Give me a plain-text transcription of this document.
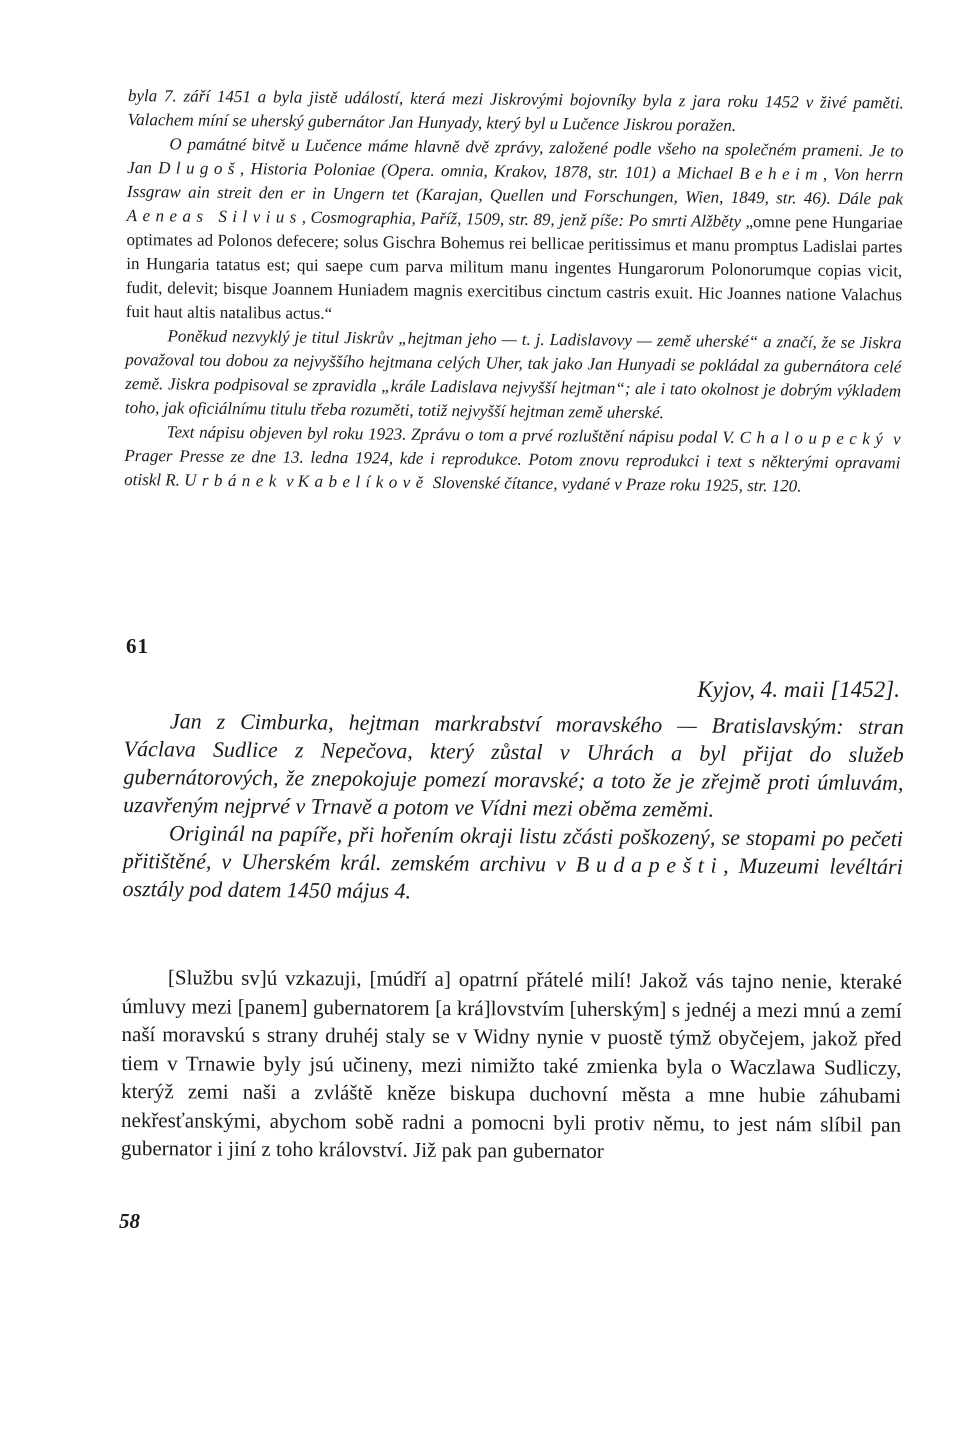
byla 7. září 1451 a byla jistě událostí, která mezi Jiskrovými bojovníky byla z jara roku 1452 v živé paměti. Valachem míní se uherský gubernátor Jan Hunyady, který byl u Lučence Jiskrou poražen.

O památné bitvě u Lučence máme hlavně dvě zprávy, založené podle všeho na společném prameni. Je to Jan Dlugoš, Historia Poloniae (Opera. omnia, Krakov, 1878, str. 101) a Michael Beheim, Von herrn Issgraw ain streit den er in Ungern tet (Karajan, Quellen und Forschungen, Wien, 1849, str. 46). Dále pak Aeneas Silvius, Cosmographia, Paříž, 1509, str. 89, jenž píše: Po smrti Alžběty „omne pene Hungariae optimates ad Polonos defecere; solus Gischra Bohemus rei bellicae peritissimus et manu promptus Ladislai partes in Hungaria tatatus est; qui saepe cum parva militum manu ingentes Hungarorum Polonorumque copias vicit, fudit, delevit; bisque Joannem Huniadem magnis exercitibus cinctum castris exuit. Hic Joannes natione Valachus fuit haut altis natalibus actus.“

Poněkud nezvyklý je titul Jiskrův „hejtman jeho — t. j. Ladislavovy — země uherské“ a značí, že se Jiskra považoval tou dobou za nejvyššího hejtmana celých Uher, tak jako Jan Hunyadi se pokládal za gubernátora celé země. Jiskra podpisoval se zpravidla „krále Ladislava nejvyšší hejtman“; ale i tato okolnost je dobrým výkladem toho, jak oficiálnímu titulu třeba rozuměti, totiž nejvyšší hejtman země uherské.

Text nápisu objeven byl roku 1923. Zprávu o tom a prvé rozluštění nápisu podal V. Chaloupecký v Prager Presse ze dne 13. ledna 1924, kde i reprodukce. Potom znovu reprodukci i text s některými opravami otiskl R. Urbánek v Kabelíkově Slovenské čítance, vydané v Praze roku 1925, str. 120.

61
Kyjov, 4. maii [1452].

Jan z Cimburka, hejtman markrabství moravského — Bratislavským: stran Václava Sudlice z Nepečova, který zůstal v Uhrách a byl přijat do služeb gubernátorových, že znepokojuje pomezí moravské; a toto že je zřejmě proti úmluvám, uzavřeným nejprvé v Trnavě a potom ve Vídni mezi oběma zeměmi.

Originál na papíře, při hořením okraji listu zčásti poškozený, se stopami po pečeti přitištěné, v Uherském král. zemském archivu v Budapešti, Muzeumi levéltári osztály pod datem 1450 május 4.

[Službu sv]ú vzkazuji, [múdří a] opatrní přátelé milí! Jakož vás tajno nenie, kteraké úmluvy mezi [panem] gubernatorem [a krá]lovstvím [uherským] s jednéj a mezi mnú a zemí naší moravskú s strany druhéj staly se v Widny nynie v puostě týmž obyčejem, jakož před tiem v Trnawie byly jsú učineny, mezi nimižto také zmienka byla o Waczlawa Sudliczy, kterýž zemi naši a zvláště kněze biskupa duchovní města a mne hubie záhubami nekřesťanskými, abychom sobě radni a pomocni byli protiv němu, to jest nám slíbil pan gubernator i jiní z toho království. Již pak pan gubernator

58
